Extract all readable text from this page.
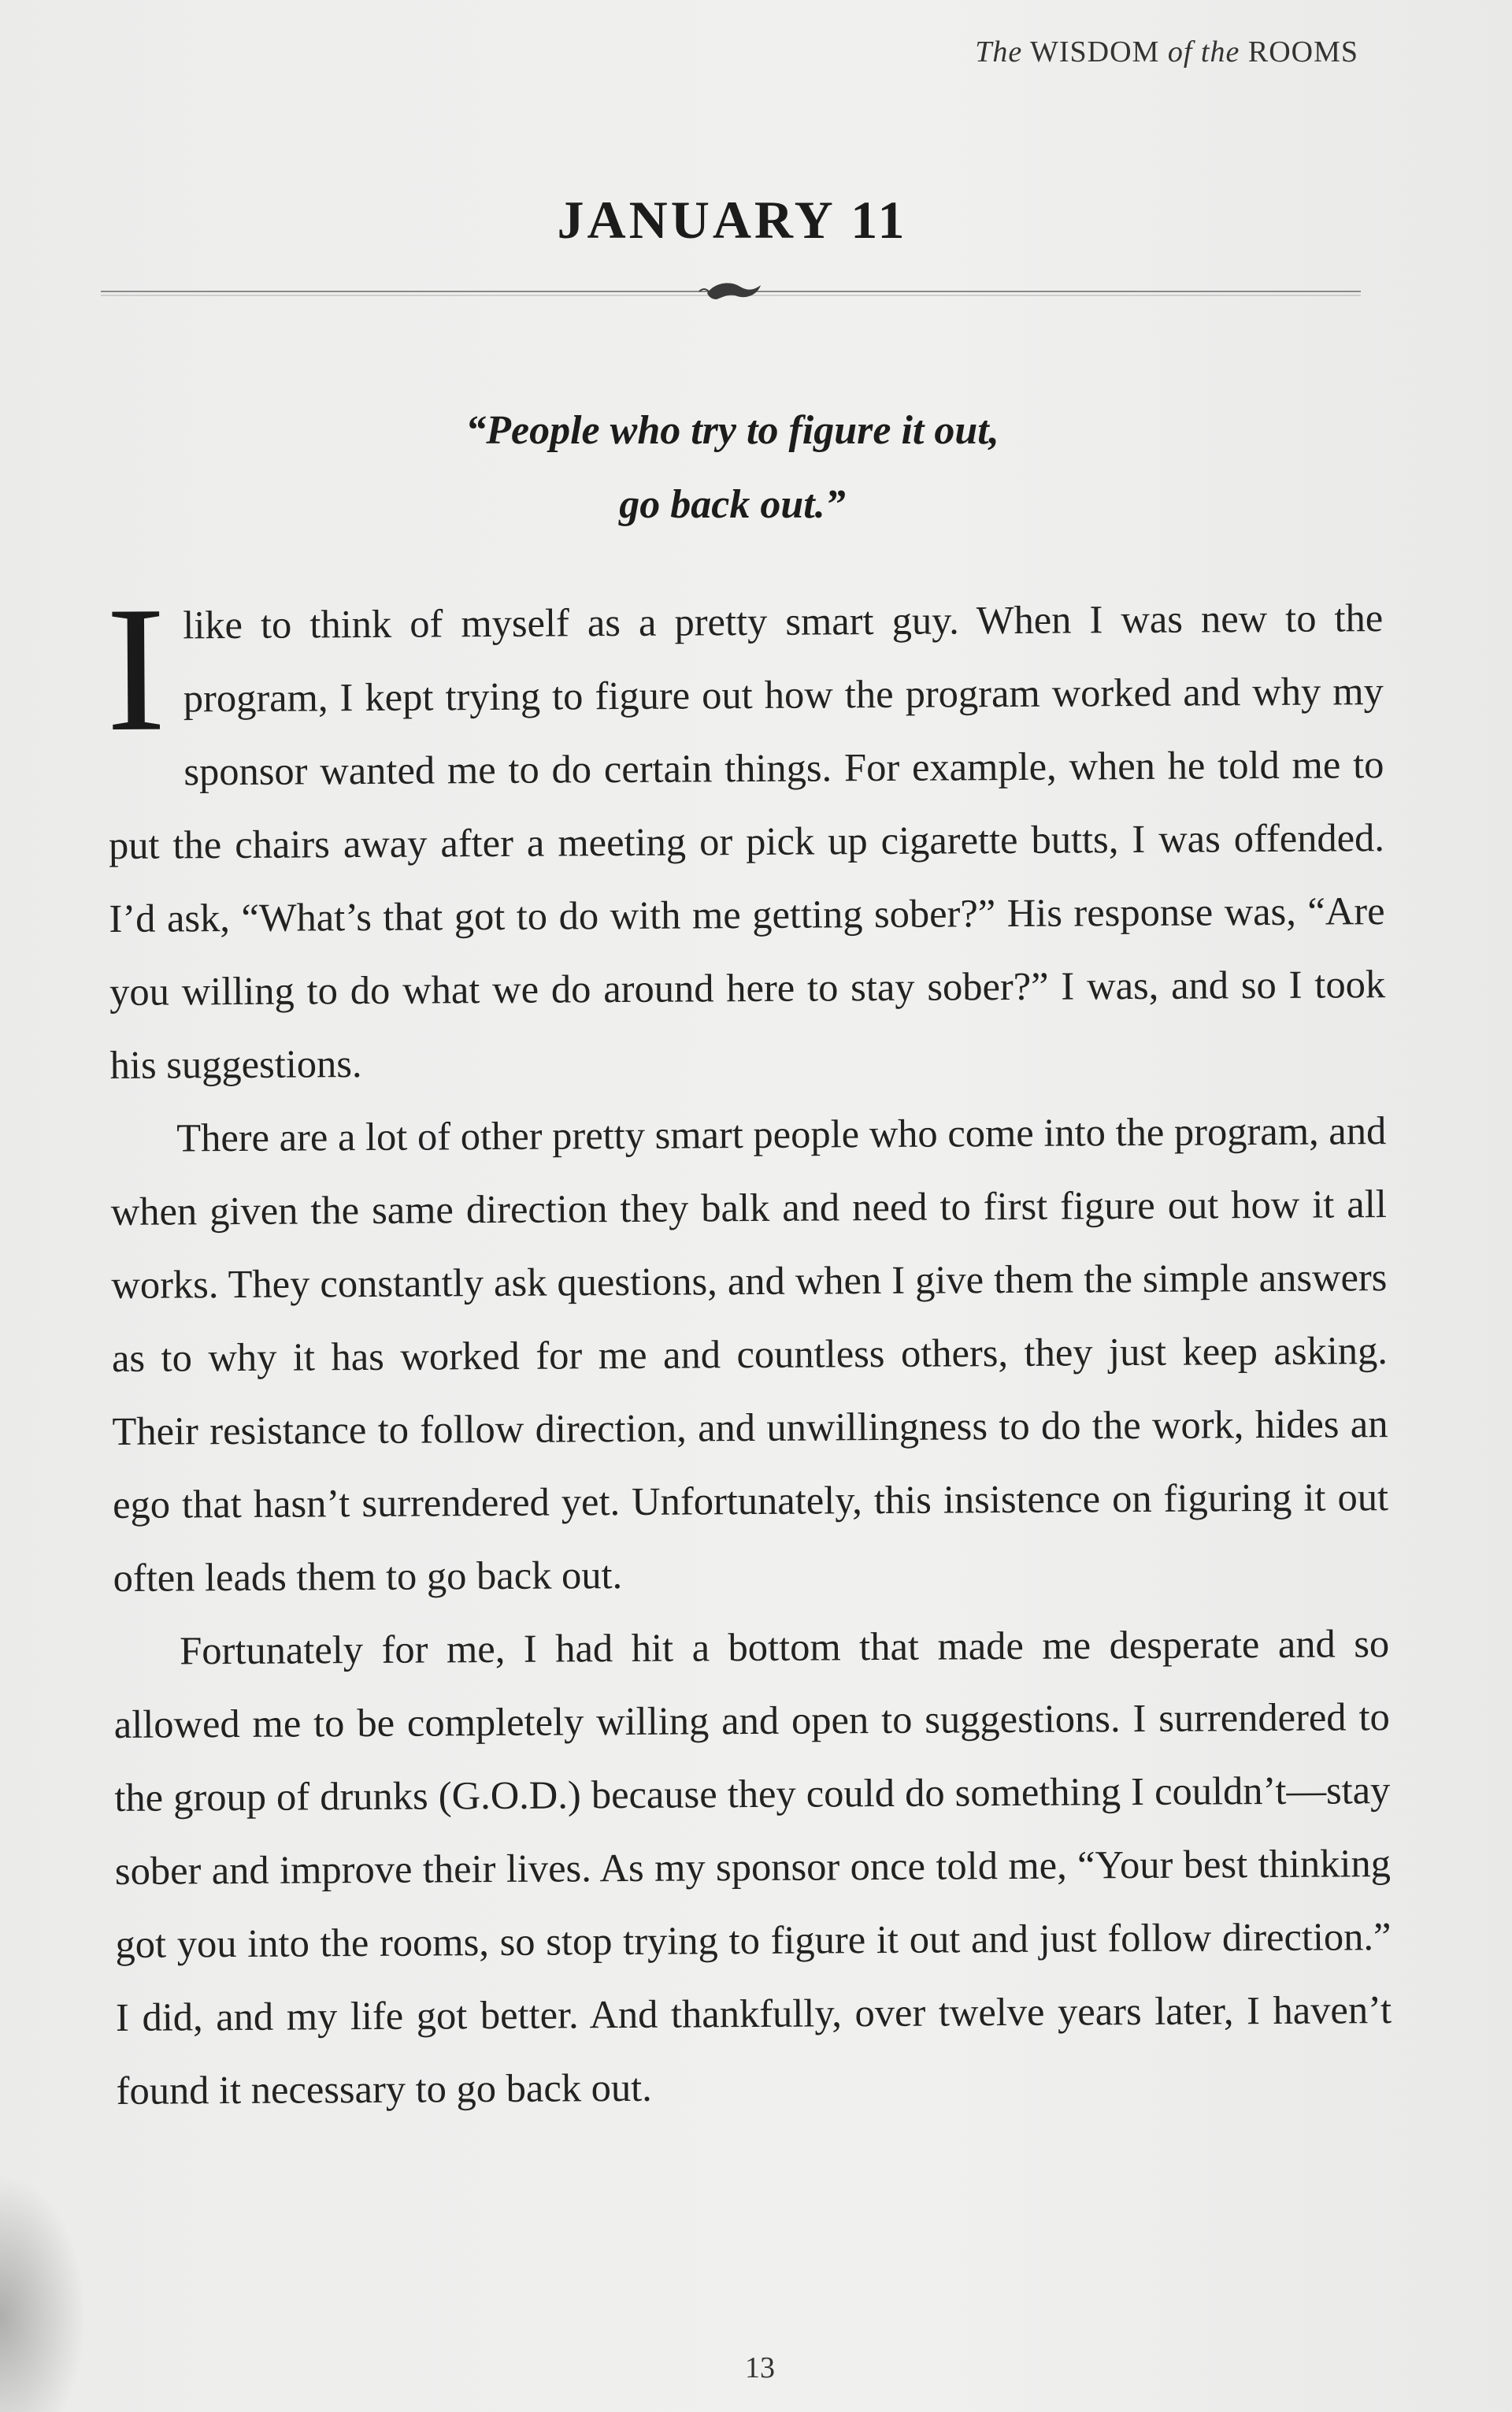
The WISDOM of the ROOMS
JANUARY 11
“People who try to figure it out,
go back out.”

Ilike to think of myself as a pretty smart guy. When I was new to the program, I kept trying to figure out how the program worked and why my sponsor wanted me to do certain things. For example, when he told me to put the chairs away after a meeting or pick up cigarette butts, I was offended. I’d ask, “What’s that got to do with me getting sober?” His response was, “Are you willing to do what we do around here to stay sober?” I was, and so I took his suggestions.

There are a lot of other pretty smart people who come into the program, and when given the same direction they balk and need to first figure out how it all works. They constantly ask questions, and when I give them the simple answers as to why it has worked for me and countless others, they just keep asking. Their resistance to follow direction, and unwillingness to do the work, hides an ego that hasn’t surrendered yet. Unfortunately, this insistence on figuring it out often leads them to go back out.

Fortunately for me, I had hit a bottom that made me desperate and so allowed me to be completely willing and open to suggestions. I surrendered to the group of drunks (G.O.D.) because they could do something I couldn’t—stay sober and improve their lives. As my sponsor once told me, “Your best thinking got you into the rooms, so stop trying to figure it out and just follow direction.” I did, and my life got better. And thankfully, over twelve years later, I haven’t found it necessary to go back out.

13
